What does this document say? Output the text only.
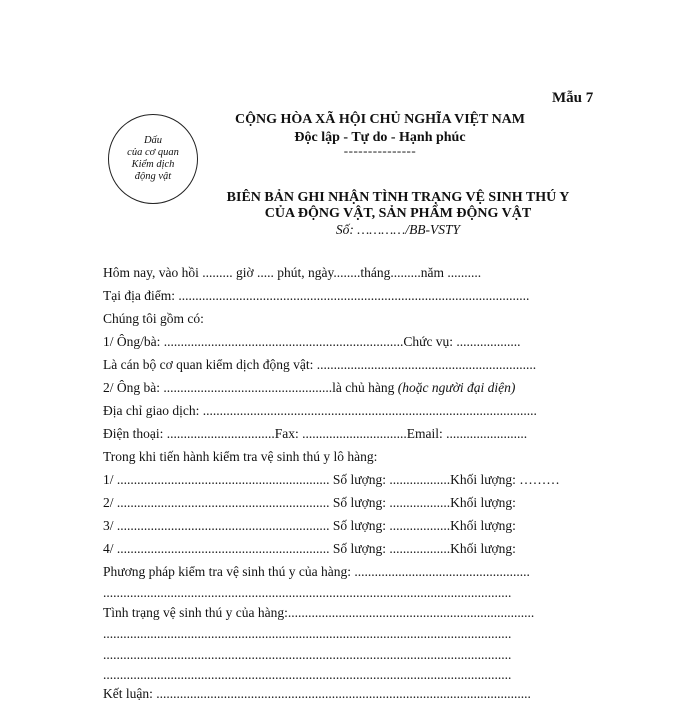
Mẫu 7
Dấu
của cơ quan
Kiểm dịch
động vật
CỘNG HÒA XÃ HỘI CHỦ NGHĨA VIỆT NAM
Độc lập - Tự do - Hạnh phúc
---------------
BIÊN BẢN GHI NHẬN TÌNH TRẠNG VỆ SINH THÚ Y
CỦA ĐỘNG VẬT, SẢN PHẨM ĐỘNG VẬT
Số: …………/BB-VSTY
Hôm nay, vào hồi ......... giờ ..... phút, ngày........tháng.........năm ..........
Tại địa điểm: ........................................................................................................
Chúng tôi gồm có:
1/ Ông/bà: .......................................................................Chức vụ: ...................
Là cán bộ cơ quan kiểm dịch động vật: .................................................................
2/ Ông bà: ..................................................là chủ hàng (hoặc người đại diện)
Địa chỉ giao dịch: ...................................................................................................
Điện thoại: ................................Fax: ...............................Email: ........................
Trong khi tiến hành kiểm tra vệ sinh thú y lô hàng:
1/ ............................................................... Số lượng: ..................Khối lượng: ………
2/ ............................................................... Số lượng: ..................Khối lượng:
3/ ............................................................... Số lượng: ..................Khối lượng:
4/ ............................................................... Số lượng: ..................Khối lượng:
Phương pháp kiểm tra vệ sinh thú y của hàng: ....................................................
.........................................................................................................................
Tình trạng vệ sinh thú y của hàng:.........................................................................
.........................................................................................................................
.........................................................................................................................
.........................................................................................................................
Kết luận: ...............................................................................................................
